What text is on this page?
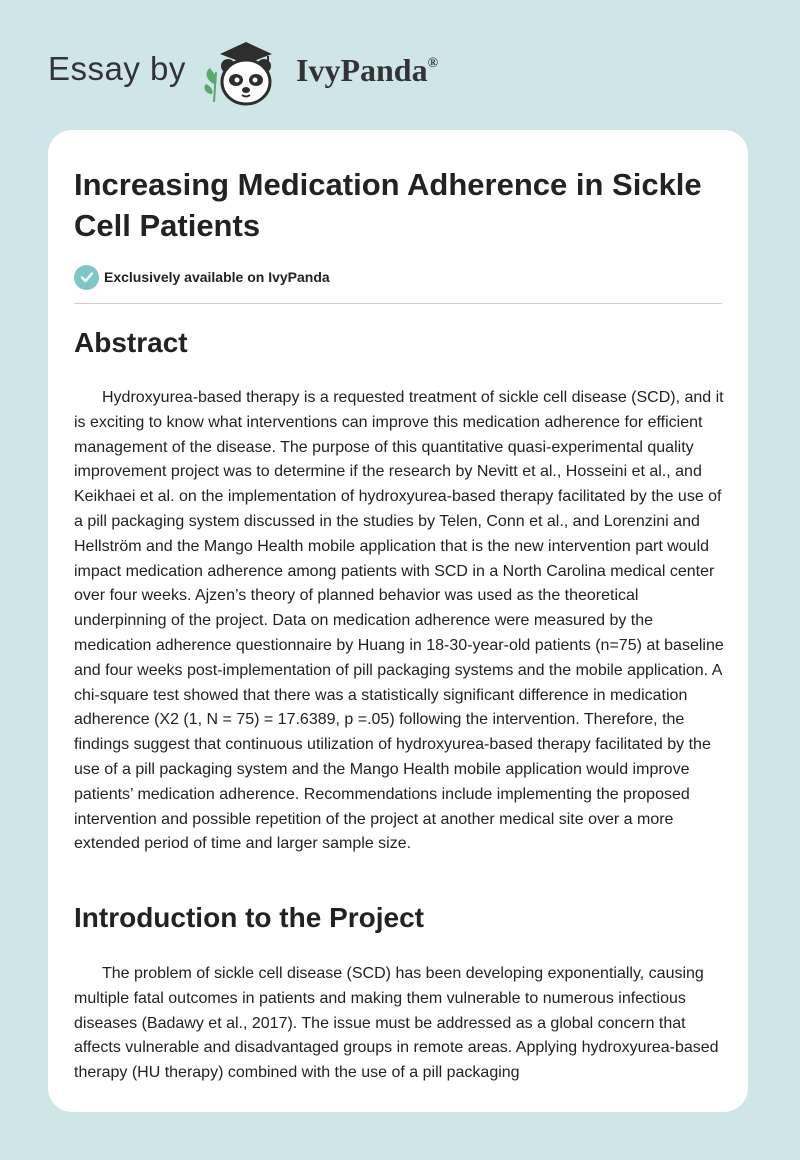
Essay by	IvyPanda®
Increasing Medication Adherence in Sickle Cell Patients
Exclusively available on IvyPanda
Abstract

Hydroxyurea-based therapy is a requested treatment of sickle cell disease (SCD), and it is exciting to know what interventions can improve this medication adherence for efficient management of the disease. The purpose of this quantitative quasi-experimental quality improvement project was to determine if the research by Nevitt et al., Hosseini et al., and Keikhaei et al. on the implementation of hydroxyurea-based therapy facilitated by the use of a pill packaging system discussed in the studies by Telen, Conn et al., and Lorenzini and Hellström and the Mango Health mobile application that is the new intervention part would impact medication adherence among patients with SCD in a North Carolina medical center over four weeks. Ajzen’s theory of planned behavior was used as the theoretical underpinning of the project. Data on medication adherence were measured by the medication adherence questionnaire by Huang in 18-30-year-old patients (n=75) at baseline and four weeks post-implementation of pill packaging systems and the mobile application. A chi-square test showed that there was a statistically significant difference in medication adherence (X2 (1, N = 75) = 17.6389, p =.05) following the intervention. Therefore, the findings suggest that continuous utilization of hydroxyurea-based therapy facilitated by the use of a pill packaging system and the Mango Health mobile application would improve patients’ medication adherence. Recommendations include implementing the proposed intervention and possible repetition of the project at another medical site over a more extended period of time and larger sample size.

Introduction to the Project

The problem of sickle cell disease (SCD) has been developing exponentially, causing multiple fatal outcomes in patients and making them vulnerable to numerous infectious diseases (Badawy et al., 2017). The issue must be addressed as a global concern that affects vulnerable and disadvantaged groups in remote areas. Applying hydroxyurea-based therapy (HU therapy) combined with the use of a pill packaging
